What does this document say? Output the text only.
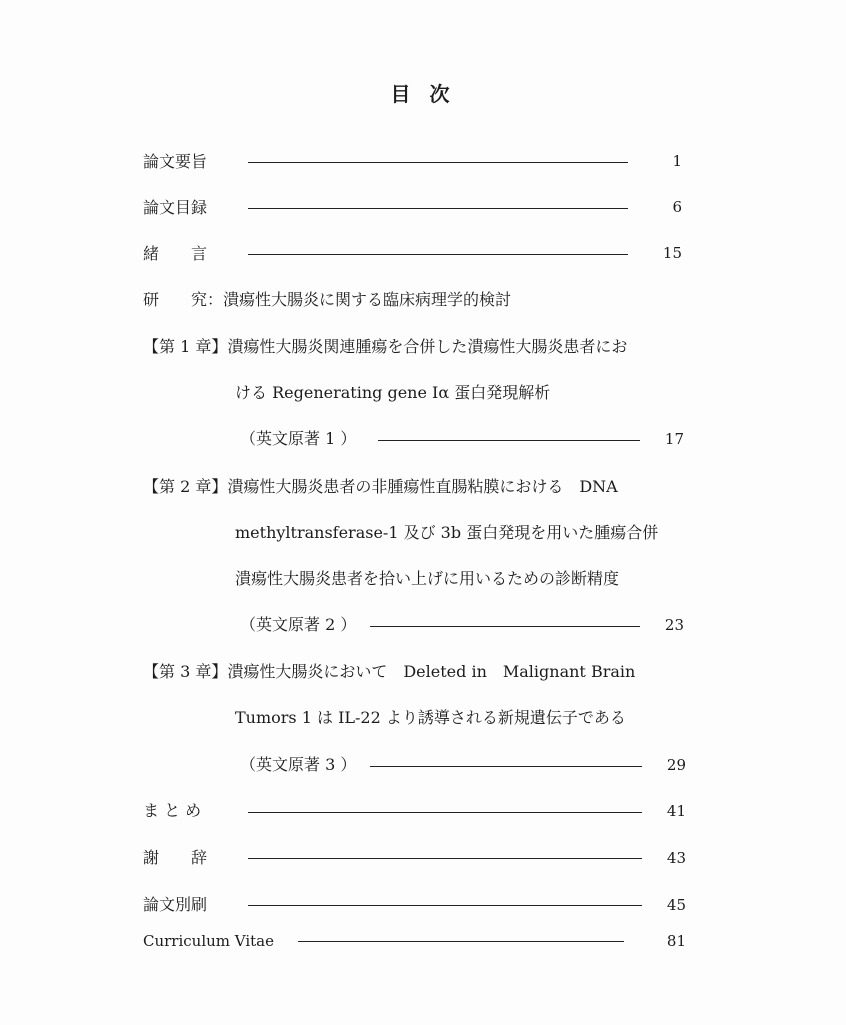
目 次
論文要旨	1
論文目録	6
緒　　言	15
研　　究：潰瘍性大腸炎に関する臨床病理学的検討
【第 1 章】潰瘍性大腸炎関連腫瘍を合併した潰瘍性大腸炎患者にお
ける Regenerating gene Iα 蛋白発現解析
（英文原著 1 ）	17
【第 2 章】潰瘍性大腸炎患者の非腫瘍性直腸粘膜における　DNA
methyltransferase-1 及び 3b 蛋白発現を用いた腫瘍合併
潰瘍性大腸炎患者を拾い上げに用いるための診断精度
（英文原著 2 ）	23
【第 3 章】潰瘍性大腸炎において　Deleted in　Malignant Brain
Tumors 1 は IL-22 より誘導される新規遺伝子である
（英文原著 3 ）	29
ま と め	41
謝　　辞	43
論文別刷	45
Curriculum Vitae	81
